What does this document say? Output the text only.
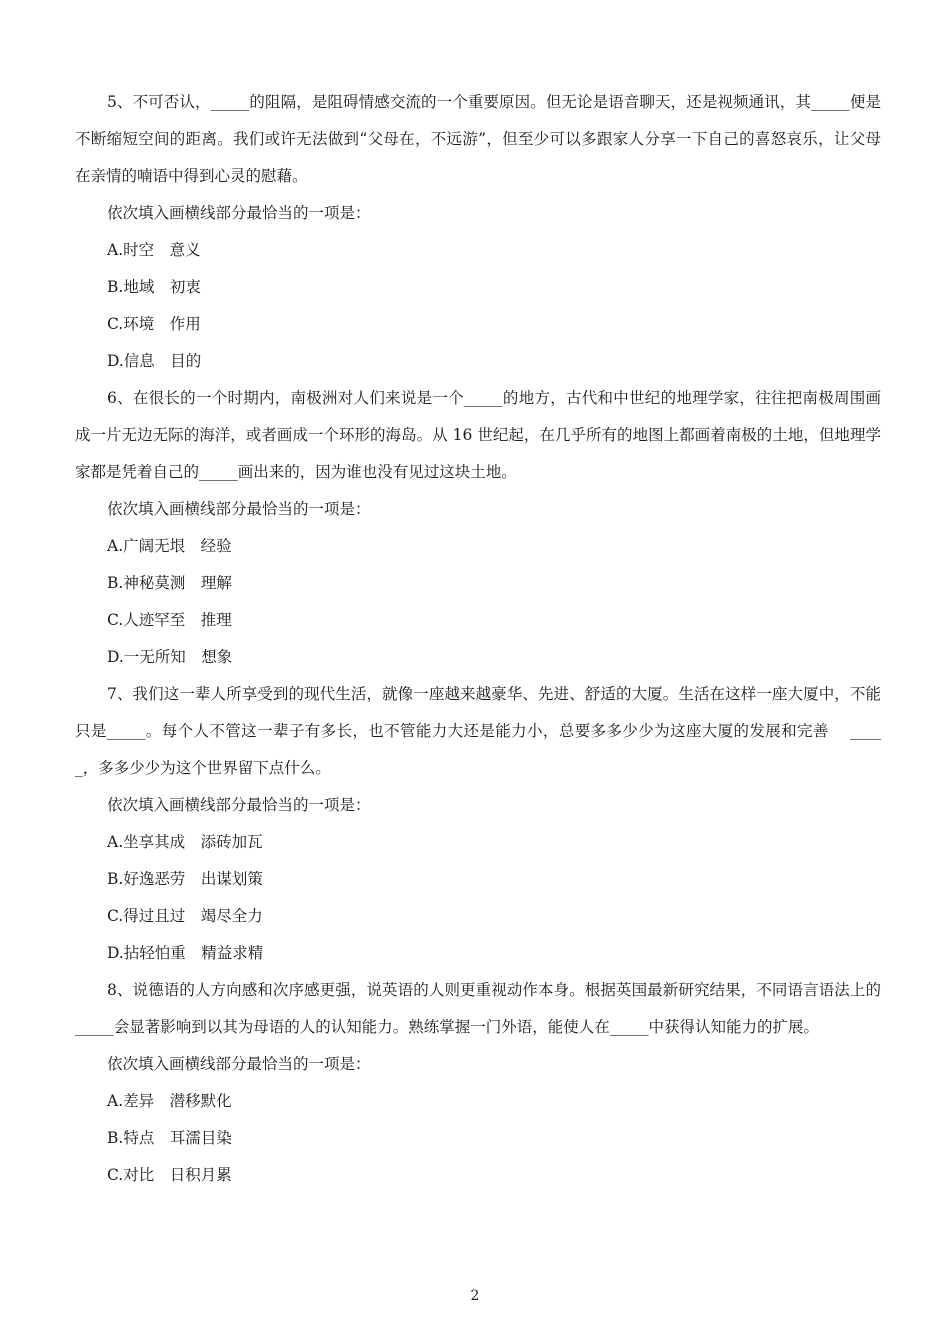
5、不可否认，_____的阻隔，是阻碍情感交流的一个重要原因。但无论是语音聊天，还是视频通讯，其_____便是不断缩短空间的距离。我们或许无法做到“父母在，不远游”，但至少可以多跟家人分享一下自己的喜怒哀乐，让父母在亲情的喃语中得到心灵的慰藉。

依次填入画横线部分最恰当的一项是：

A.时空　意义

B.地域　初衷

C.环境　作用

D.信息　目的

6、在很长的一个时期内，南极洲对人们来说是一个_____的地方，古代和中世纪的地理学家，往往把南极周围画成一片无边无际的海洋，或者画成一个环形的海岛。从 16 世纪起，在几乎所有的地图上都画着南极的土地，但地理学家都是凭着自己的_____画出来的，因为谁也没有见过这块土地。

依次填入画横线部分最恰当的一项是：

A.广阔无垠　经验

B.神秘莫测　理解

C.人迹罕至　推理

D.一无所知　想象

7、我们这一辈人所享受到的现代生活，就像一座越来越豪华、先进、舒适的大厦。生活在这样一座大厦中，不能只是_____。每个人不管这一辈子有多长，也不管能力大还是能力小，总要多多少少为这座大厦的发展和完善　 _____，多多少少为这个世界留下点什么。

依次填入画横线部分最恰当的一项是：

A.坐享其成　添砖加瓦

B.好逸恶劳　出谋划策

C.得过且过　竭尽全力

D.拈轻怕重　精益求精

8、说德语的人方向感和次序感更强，说英语的人则更重视动作本身。根据英国最新研究结果，不同语言语法上的_____会显著影响到以其为母语的人的认知能力。熟练掌握一门外语，能使人在_____中获得认知能力的扩展。

依次填入画横线部分最恰当的一项是：

A.差异　潜移默化

B.特点　耳濡目染

C.对比　日积月累

2
